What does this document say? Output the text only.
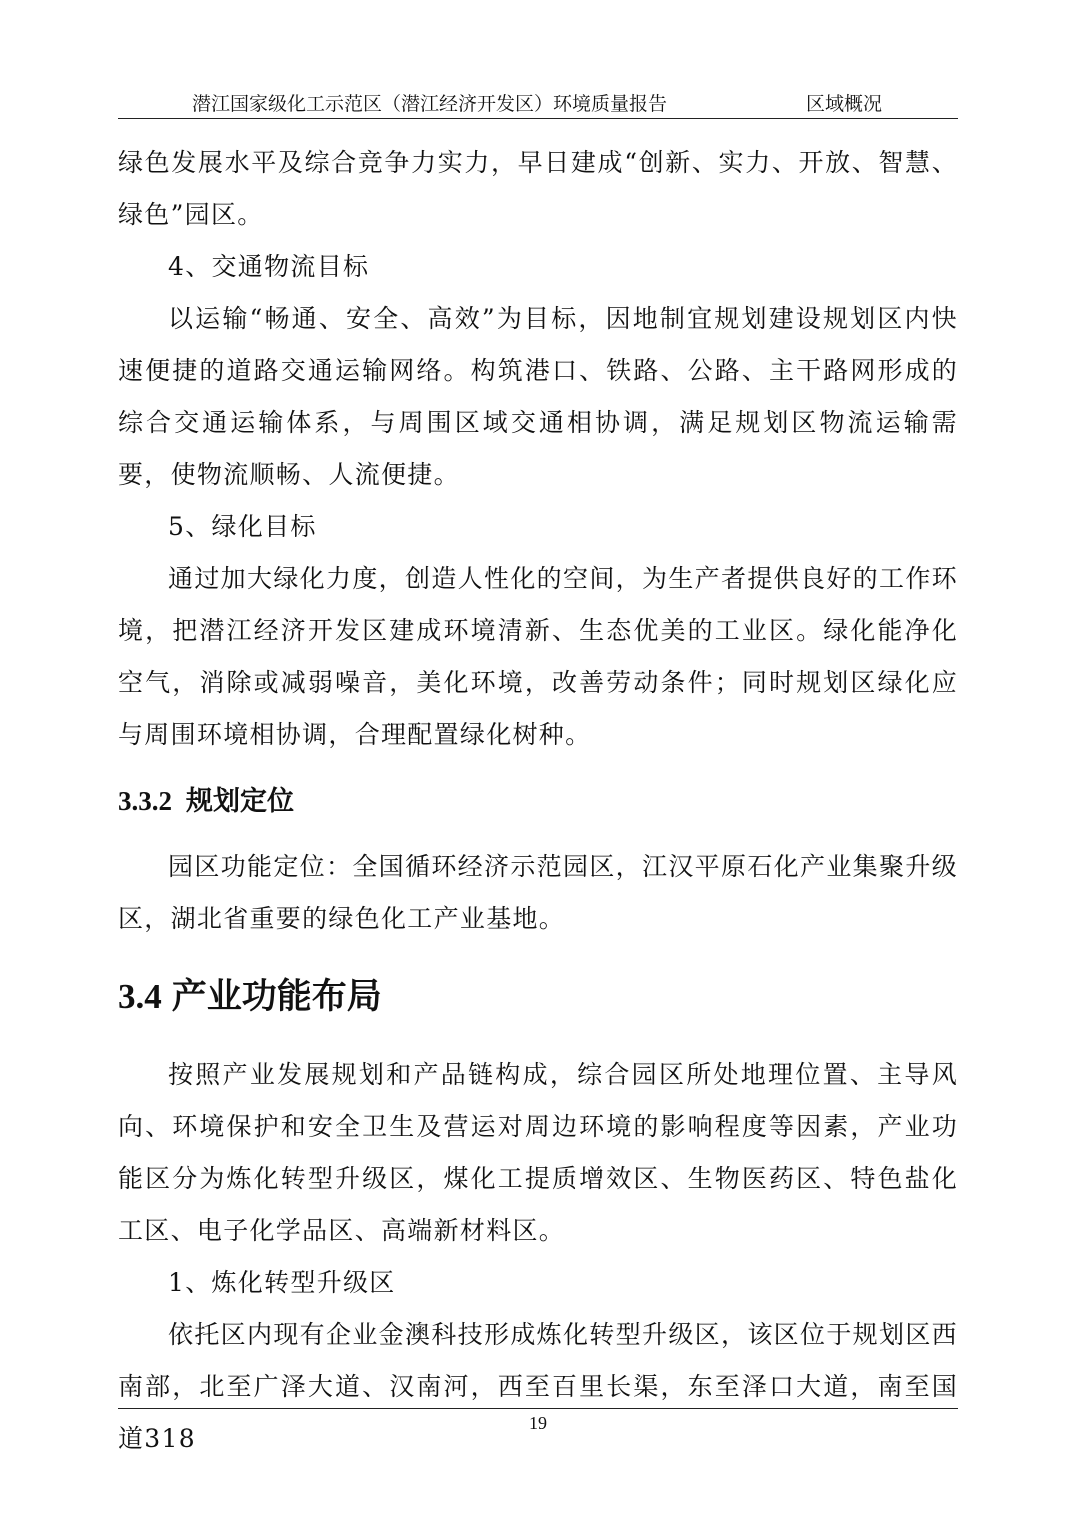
潜江国家级化工示范区（潜江经济开发区）环境质量报告	区域概况

绿色发展水平及综合竞争力实力，早日建成“创新、实力、开放、智慧、绿色”园区。

4、交通物流目标

以运输“畅通、安全、高效”为目标，因地制宜规划建设规划区内快速便捷的道路交通运输网络。构筑港口、铁路、公路、主干路网形成的综合交通运输体系，与周围区域交通相协调，满足规划区物流运输需要，使物流顺畅、人流便捷。

5、绿化目标

通过加大绿化力度，创造人性化的空间，为生产者提供良好的工作环境，把潜江经济开发区建成环境清新、生态优美的工业区。绿化能净化空气，消除或减弱噪音，美化环境，改善劳动条件；同时规划区绿化应与周围环境相协调，合理配置绿化树种。

3.3.2 规划定位

园区功能定位：全国循环经济示范园区，江汉平原石化产业集聚升级区，湖北省重要的绿色化工产业基地。

3.4 产业功能布局

按照产业发展规划和产品链构成，综合园区所处地理位置、主导风向、环境保护和安全卫生及营运对周边环境的影响程度等因素，产业功能区分为炼化转型升级区，煤化工提质增效区、生物医药区、特色盐化工区、电子化学品区、高端新材料区。

1、炼化转型升级区

依托区内现有企业金澳科技形成炼化转型升级区，该区位于规划区西南部，北至广泽大道、汉南河，西至百里长渠，东至泽口大道，南至国道318

19
